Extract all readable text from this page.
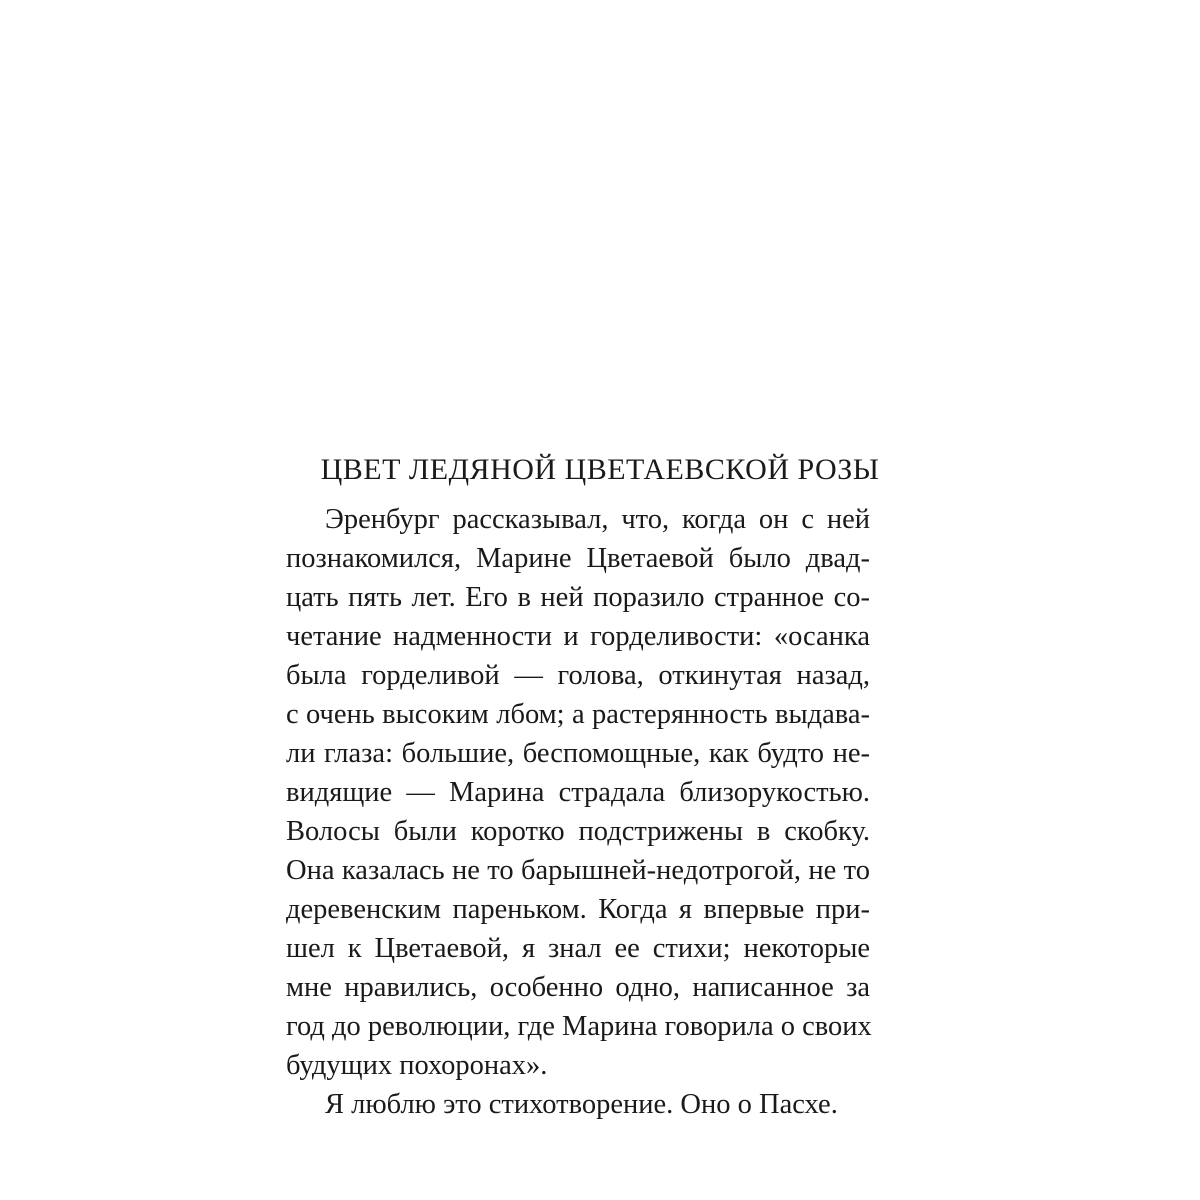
ЦВЕТ ЛЕДЯНОЙ ЦВЕТАЕВСКОЙ РОЗЫ
Эренбург рассказывал, что, когда он с ней
познакомился, Марине Цветаевой было двад-
цать пять лет. Его в ней поразило странное со-
четание надменности и горделивости: «осанка
была горделивой — голова, откинутая назад,
с очень высоким лбом; а растерянность выдава-
ли глаза: большие, беспомощные, как будто не-
видящие — Марина страдала близорукостью.
Волосы были коротко подстрижены в скобку.
Она казалась не то барышней-недотрогой, не то
деревенским пареньком. Когда я впервые при-
шел к Цветаевой, я знал ее стихи; некоторые
мне нравились, особенно одно, написанное за
год до революции, где Марина говорила о своих
будущих похоронах».
Я люблю это стихотворение. Оно о Пасхе.
